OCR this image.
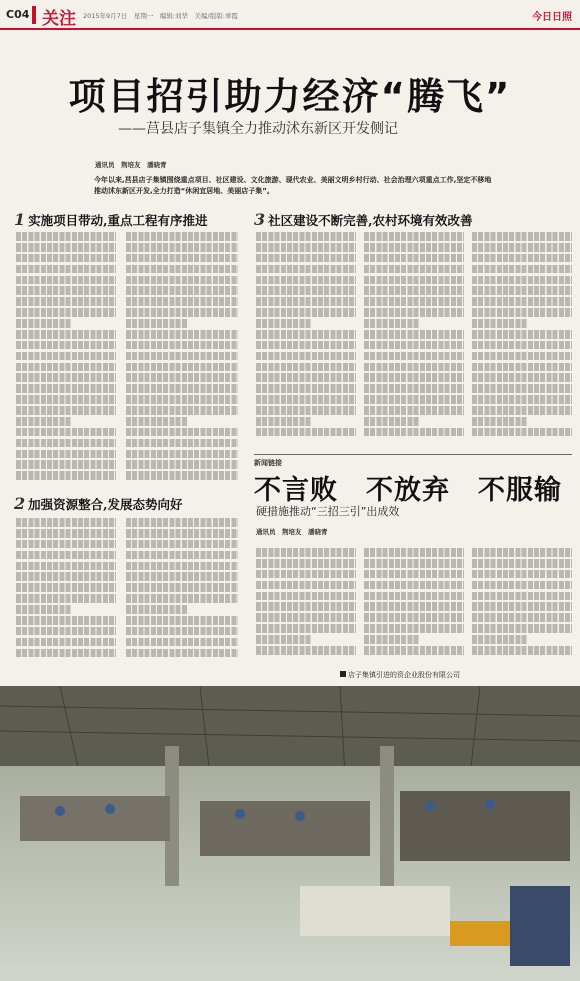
C04 关注 2015年9月7日　星期一　编辑:刘华　美编/组版:辜霞	今日日照
项目招引助力经济“腾飞”
——莒县店子集镇全力推动沭东新区开发侧记
通讯员　荆培友　潘晓青
今年以来,莒县店子集镇围绕重点项目、社区建设、文化旅游、现代农业、美丽文明乡村行动、社会治理六项重点工作,坚定不移地推动沭东新区开发,全力打造“休闲宜居地、美丽店子集”。
1 实施项目带动,重点工程有序推进
2 加强资源整合,发展态势向好
3 社区建设不断完善,农村环境有效改善
新闻链接
不言败　不放弃　不服输
硬措施推动“三招三引”出成效
通讯员　荆培友　潘晓青
店子集镇引进的资企业股份有限公司
